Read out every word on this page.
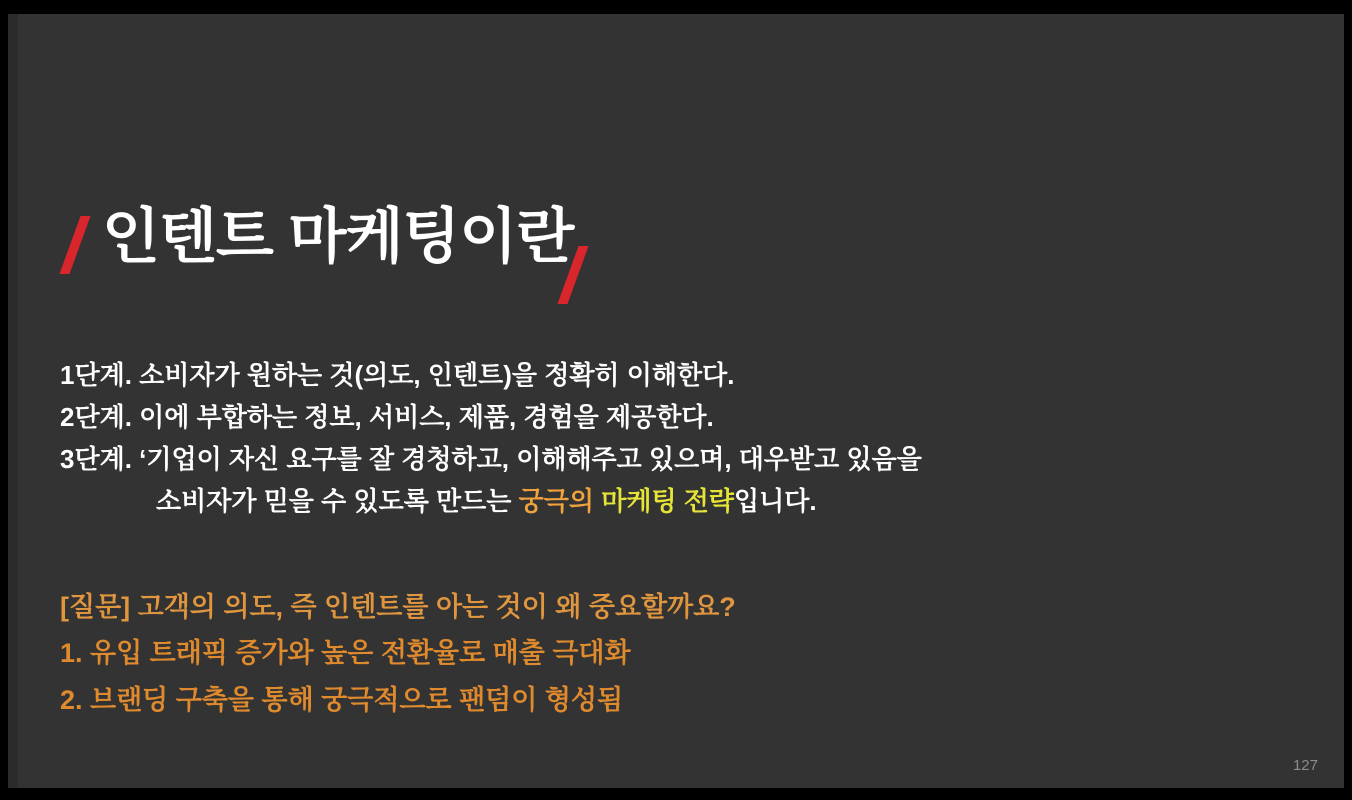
인텐트 마케팅이란
1단계. 소비자가 원하는 것(의도, 인텐트)을 정확히 이해한다.
2단계. 이에 부합하는 정보, 서비스, 제품, 경험을 제공한다.
3단계. ‘기업이 자신 요구를 잘 경청하고, 이해해주고 있으며, 대우받고 있음을
소비자가 믿을 수 있도록 만드는 궁극의 마케팅 전략입니다.
[질문] 고객의 의도, 즉 인텐트를 아는 것이 왜 중요할까요?
1. 유입 트래픽 증가와 높은 전환율로 매출 극대화
2. 브랜딩 구축을 통해 궁극적으로 팬덤이 형성됨
127
